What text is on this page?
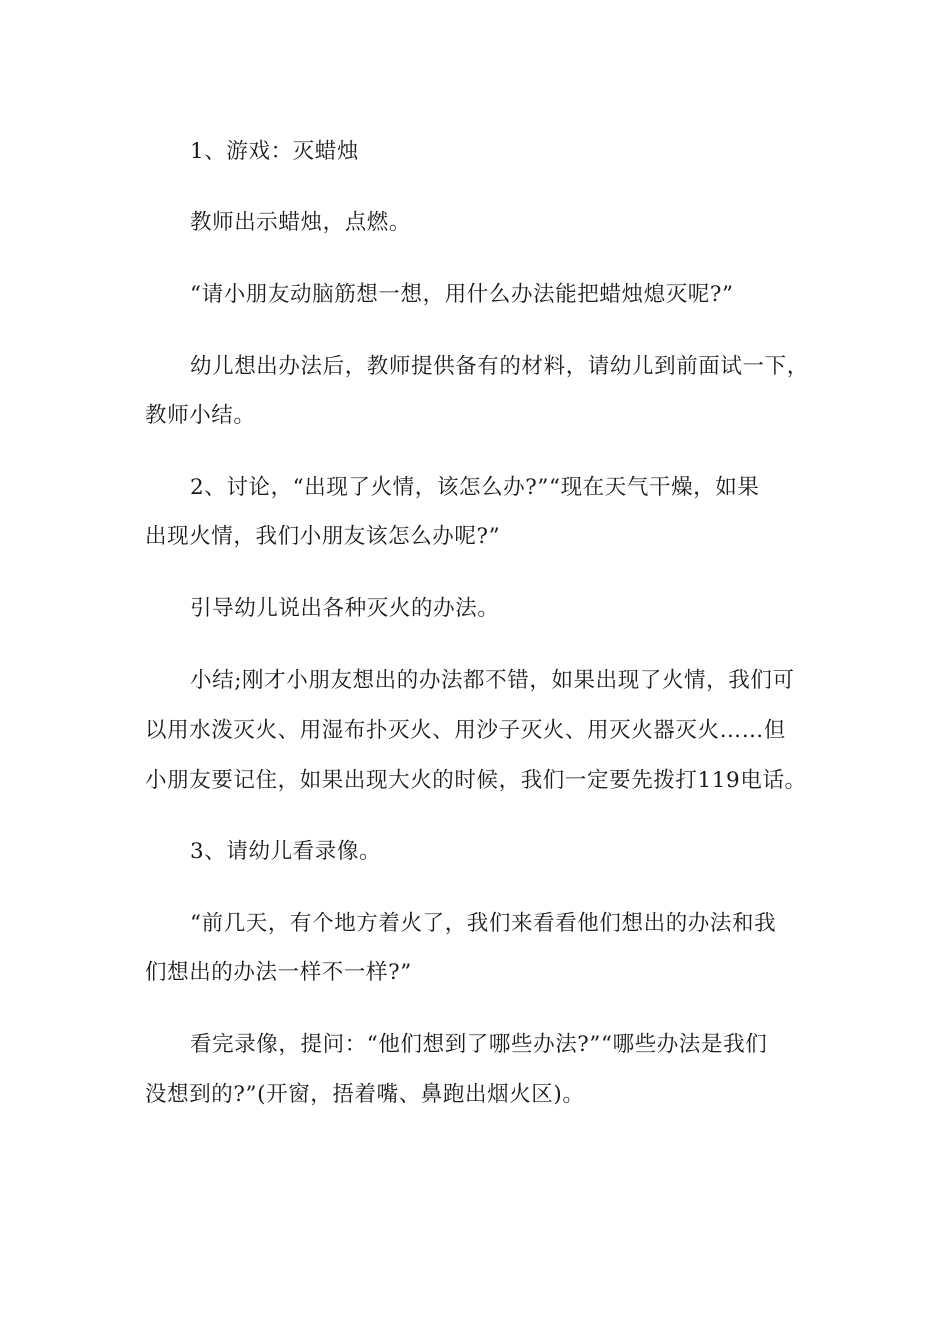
1、游戏：灭蜡烛

教师出示蜡烛，点燃。

“请小朋友动脑筋想一想，用什么办法能把蜡烛熄灭呢?”

幼儿想出办法后，教师提供备有的材料，请幼儿到前面试一下，

教师小结。

2、讨论，“出现了火情，该怎么办?”“现在天气干燥，如果

出现火情，我们小朋友该怎么办呢?”

引导幼儿说出各种灭火的办法。

小结;刚才小朋友想出的办法都不错，如果出现了火情，我们可

以用水泼灭火、用湿布扑灭火、用沙子灭火、用灭火器灭火……但

小朋友要记住，如果出现大火的时候，我们一定要先拨打119电话。

3、请幼儿看录像。

“前几天，有个地方着火了，我们来看看他们想出的办法和我

们想出的办法一样不一样?”

看完录像，提问：“他们想到了哪些办法?”“哪些办法是我们

没想到的?”(开窗，捂着嘴、鼻跑出烟火区)。
